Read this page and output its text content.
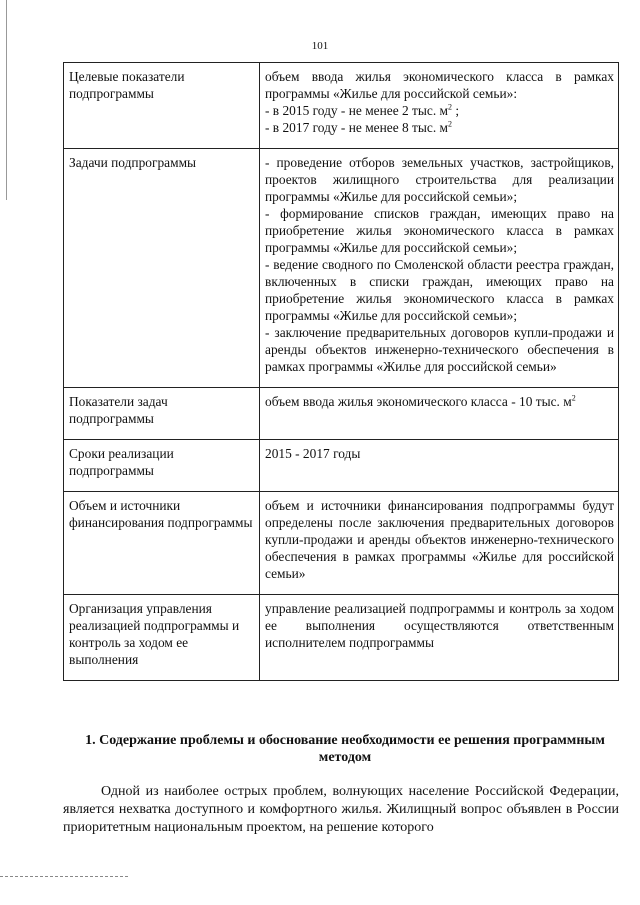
101
Целевые показатели подпрограммы	объем ввода жилья экономического класса в рамках программы «Жилье для российской семьи»:
- в 2015 году - не менее 2 тыс. $м^2$ ;
- в 2017 году - не менее 8 тыс. $м^2$

Задачи подпрограммы	- проведение отборов земельных участков, застройщиков, проектов жилищного строительства для реализации программы «Жилье для российской семьи»;
- формирование списков граждан, имеющих право на приобретение жилья экономического класса в рамках программы «Жилье для российской семьи»;
- ведение сводного по Смоленской области реестра граждан, включенных в списки граждан, имеющих право на приобретение жилья экономического класса в рамках программы «Жилье для российской семьи»;
- заключение предварительных договоров купли-продажи и аренды объектов инженерно-технического обеспечения в рамках программы «Жилье для российской семьи»

Показатели задач подпрограммы	объем ввода жилья экономического класса - 10 тыс. $м^2$
Сроки реализации подпрограммы	2015 - 2017 годы
Объем и источники финансирования подпрограммы	объем и источники финансирования подпрограммы будут определены после заключения предварительных договоров купли-продажи и аренды объектов инженерно-технического обеспечения в рамках программы «Жилье для российской семьи»
Организация управления реализацией подпрограммы и контроль за ходом ее выполнения	управление реализацией подпрограммы и контроль за ходом ее выполнения осуществляются ответственным исполнителем подпрограммы
1. Содержание проблемы и обоснование необходимости ее решения программным методом

Одной из наиболее острых проблем, волнующих население Российской Федерации, является нехватка доступного и комфортного жилья. Жилищный вопрос объявлен в России приоритетным национальным проектом, на решение которого
